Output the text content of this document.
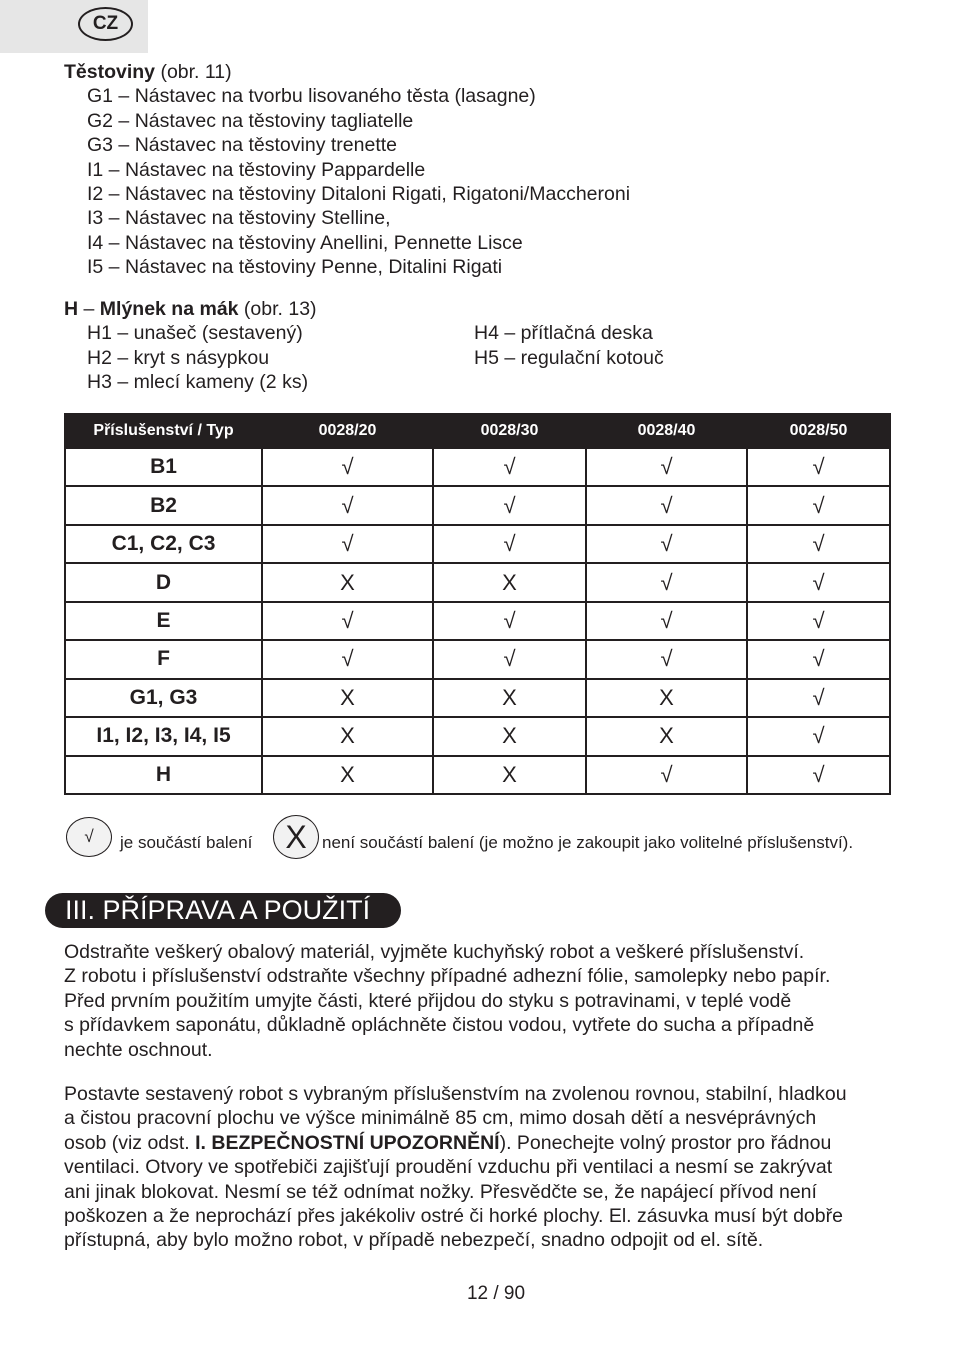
CZ
Těstoviny (obr. 11)
G1 – Nástavec na tvorbu lisovaného těsta (lasagne)
G2 – Nástavec na těstoviny tagliatelle
G3 – Nástavec na těstoviny trenette
I1 – Nástavec na těstoviny Pappardelle
I2 – Nástavec na těstoviny Ditaloni Rigati, Rigatoni/Maccheroni
I3 – Nástavec na těstoviny Stelline,
I4 – Nástavec na těstoviny Anellini, Pennette Lisce
I5 – Nástavec na těstoviny Penne, Ditalini Rigati
H – Mlýnek na mák (obr. 13)
H1 – unašeč (sestavený)
H2 – kryt s násypkou
H3 – mlecí kameny (2 ks)
H4 – přítlačná deska
H5 – regulační kotouč
Příslušenství / Typ	0028/20	0028/30	0028/40	0028/50
B1	√	√	√	√
B2	√	√	√	√
C1, C2, C3	√	√	√	√
D	X	X	√	√
E	√	√	√	√
F	√	√	√	√
G1, G3	X	X	X	√
I1, I2, I3, I4, I5	X	X	X	√
H	X	X	√	√
√	je součástí balení	X není součástí balení (je možno je zakoupit jako volitelné příslušenství).
III. PŘÍPRAVA A POUŽITÍ
Odstraňte veškerý obalový materiál, vyjměte kuchyňský robot a veškeré příslušenství.
Z robotu i příslušenství odstraňte všechny případné adhezní fólie, samolepky nebo papír.
Před prvním použitím umyjte části, které přijdou do styku s potravinami, v teplé vodě
s přídavkem saponátu, důkladně opláchněte čistou vodou, vytřete do sucha a případně
nechte oschnout.
Postavte sestavený robot s vybraným příslušenstvím na zvolenou rovnou, stabilní, hladkou
a čistou pracovní plochu ve výšce minimálně 85 cm, mimo dosah dětí a nesvéprávných
osob (viz odst. I. BEZPEČNOSTNÍ UPOZORNĚNÍ). Ponechejte volný prostor pro řádnou
ventilaci. Otvory ve spotřebiči zajišťují proudění vzduchu při ventilaci a nesmí se zakrývat
ani jinak blokovat. Nesmí se též odnímat nožky. Přesvědčte se, že napájecí přívod není
poškozen a že neprochází přes jakékoliv ostré či horké plochy. El. zásuvka musí být dobře
přístupná, aby bylo možno robot, v případě nebezpečí, snadno odpojit od el. sítě.
12 / 90
